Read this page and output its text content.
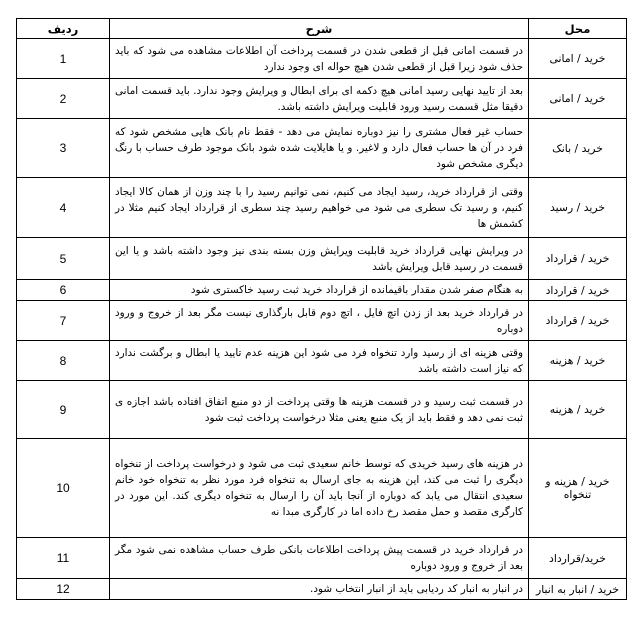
محل	شرح	ردیف
خرید / امانی	در قسمت امانی قبل از قطعی شدن در قسمت پرداخت آن اطلاعات مشاهده می شود که باید حذف شود زیرا قبل از قطعی شدن هیچ حواله ای وجود ندارد	1
خرید / امانی	بعد از تایید نهایی رسید امانی هیچ دکمه ای برای ابطال و ویرایش وجود ندارد. باید قسمت امانی دقیقا مثل قسمت رسید ورود قابلیت ویرایش داشته باشد.	2
خرید / بانک	حساب غیر فعال مشتری را نیز دوباره نمایش می دهد - فقط نام بانک هایی مشخص شود که فرد در آن ها حساب فعال دارد و لاغیر. و یا هایلایت شده شود بانک موجود طرف حساب با رنگ دیگری مشخص شود	3
خرید / رسید	وقتی از قرارداد خرید، رسید ایجاد می کنیم، نمی توانیم رسید را با چند وزن از همان کالا ایجاد کنیم، و رسید تک سطری می شود می خواهیم رسید چند سطری از قرارداد ایجاد کنیم مثلا در کشمش ها	4
خرید / قرارداد	در ویرایش نهایی قرارداد خرید قابلیت ویرایش وزن بسته بندی نیز وجود داشته باشد و یا این قسمت در رسید قابل ویرایش باشد	5
خرید / قرارداد	به هنگام صفر شدن مقدار باقیمانده از قرارداد خرید ثبت رسید خاکستری شود	6
خرید / قرارداد	در قرارداد خرید بعد از زدن اتچ فایل ، اتچ دوم قابل بارگذاری نیست مگر بعد از خروج و ورود دوباره	7
خرید / هزینه	وقتی هزینه ای از رسید وارد تنخواه فرد می شود این هزینه عدم تایید یا ابطال و برگشت ندارد که نیاز است داشته باشد	8
خرید / هزینه	در قسمت ثبت رسید و در قسمت هزینه ها وقتی پرداخت از دو منبع اتفاق افتاده باشد اجازه ی ثبت نمی دهد و فقط باید از یک منبع یعنی مثلا درخواست پرداخت ثبت شود	9
خرید / هزینه و تنخواه	در هزینه های رسید خریدی که توسط خانم سعیدی ثبت می شود و درخواست پرداخت از تنخواه دیگری را ثبت می کند، این هزینه به جای ارسال به تنخواه فرد مورد نظر به تنخواه خود خانم سعیدی انتقال می یابد که دوباره از آنجا باید آن را ارسال به تنخواه دیگری کند. این مورد در کارگری مقصد و حمل مقصد رخ داده اما در کارگری مبدا نه	10
خرید/قرارداد	در قرارداد خرید در قسمت پیش پرداخت اطلاعات بانکی طرف حساب مشاهده نمی شود مگر بعد از خروج و ورود دوباره	11
خرید / انبار به انبار	در انبار به انبار کد ردیابی باید از انبار انتخاب شود.	12
